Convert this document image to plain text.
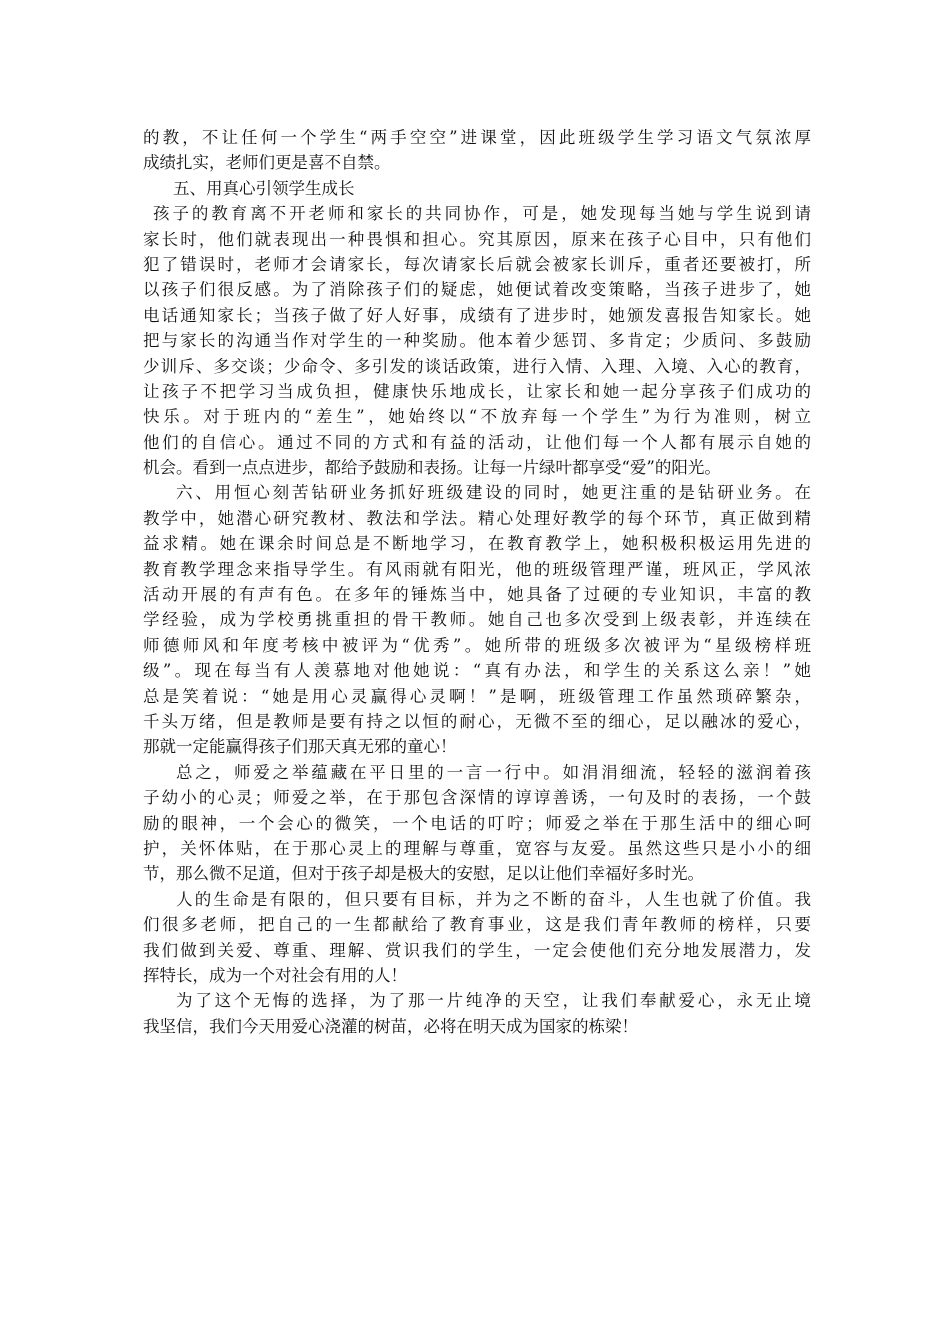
的教，不让任何一个学生“两手空空”进课堂，因此班级学生学习语文气氛浓厚
成绩扎实，老师们更是喜不自禁。
五、用真心引领学生成长
孩子的教育离不开老师和家长的共同协作，可是，她发现每当她与学生说到请
家长时，他们就表现出一种畏惧和担心。究其原因，原来在孩子心目中，只有他们
犯了错误时，老师才会请家长，每次请家长后就会被家长训斥，重者还要被打，所
以孩子们很反感。为了消除孩子们的疑虑，她便试着改变策略，当孩子进步了，她
电话通知家长；当孩子做了好人好事，成绩有了进步时，她颁发喜报告知家长。她
把与家长的沟通当作对学生的一种奖励。他本着少惩罚、多肯定；少质问、多鼓励
少训斥、多交谈；少命令、多引发的谈话政策，进行入情、入理、入境、入心的教育，
让孩子不把学习当成负担，健康快乐地成长，让家长和她一起分享孩子们成功的
快乐。对于班内的“差生”，她始终以“不放弃每一个学生”为行为准则，树立
他们的自信心。通过不同的方式和有益的活动，让他们每一个人都有展示自她的
机会。看到一点点进步，都给予鼓励和表扬。让每一片绿叶都享受“爱”的阳光。
六、用恒心刻苦钻研业务抓好班级建设的同时，她更注重的是钻研业务。在
教学中，她潜心研究教材、教法和学法。精心处理好教学的每个环节，真正做到精
益求精。她在课余时间总是不断地学习，在教育教学上，她积极积极运用先进的
教育教学理念来指导学生。有风雨就有阳光，他的班级管理严谨，班风正，学风浓
活动开展的有声有色。在多年的锤炼当中，她具备了过硬的专业知识，丰富的教
学经验，成为学校勇挑重担的骨干教师。她自己也多次受到上级表彰，并连续在
师德师风和年度考核中被评为“优秀”。她所带的班级多次被评为“星级榜样班
级”。现在每当有人羡慕地对他她说：“真有办法，和学生的关系这么亲！”她
总是笑着说：“她是用心灵赢得心灵啊！”是啊，班级管理工作虽然琐碎繁杂，
千头万绪，但是教师是要有持之以恒的耐心，无微不至的细心，足以融冰的爱心，
那就一定能赢得孩子们那天真无邪的童心！
总之，师爱之举蕴藏在平日里的一言一行中。如涓涓细流，轻轻的滋润着孩
子幼小的心灵；师爱之举，在于那包含深情的谆谆善诱，一句及时的表扬，一个鼓
励的眼神，一个会心的微笑，一个电话的叮咛；师爱之举在于那生活中的细心呵
护，关怀体贴，在于那心灵上的理解与尊重，宽容与友爱。虽然这些只是小小的细
节，那么微不足道，但对于孩子却是极大的安慰，足以让他们幸福好多时光。
人的生命是有限的，但只要有目标，并为之不断的奋斗，人生也就了价值。我
们很多老师，把自己的一生都献给了教育事业，这是我们青年教师的榜样，只要
我们做到关爱、尊重、理解、赏识我们的学生，一定会使他们充分地发展潜力，发
挥特长，成为一个对社会有用的人！
为了这个无悔的选择，为了那一片纯净的天空，让我们奉献爱心，永无止境
我坚信，我们今天用爱心浇灌的树苗，必将在明天成为国家的栋梁！
